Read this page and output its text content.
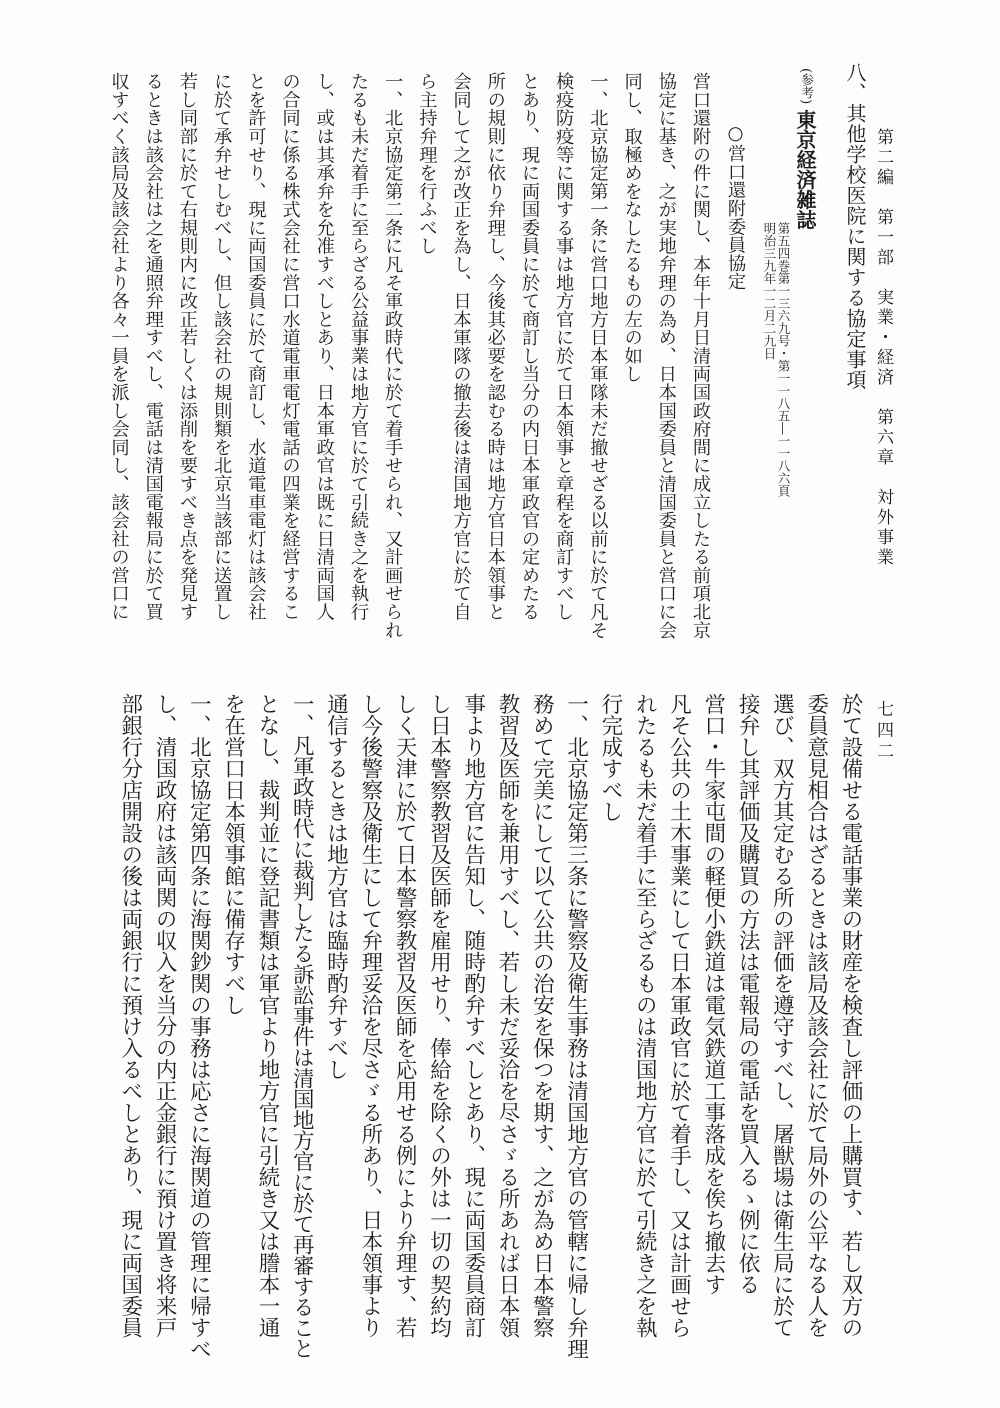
第二編第一部実業・経済第六章対外事業
八、其他学校医院に関する協定事項
(参考)東京経済雑誌
第五四巻第一三六九号・第一一八五―一一八六頁
明治三九年一二月二九日
○営口還附委員協定
営口還附の件に関し、本年十月日清両国政府間に成立したる前項北京
協定に基き、之が実地弁理の為め、日本国委員と清国委員と営口に会
同し、取極めをなしたるもの左の如し
一、北京協定第一条に営口地方日本軍隊未だ撤せざる以前に於て凡そ
検疫防疫等に関する事は地方官に於て日本領事と章程を商訂すべし
とあり、現に両国委員に於て商訂し当分の内日本軍政官の定めたる
所の規則に依り弁理し、今後其必要を認むる時は地方官日本領事と
会同して之が改正を為し、日本軍隊の撤去後は清国地方官に於て自
ら主持弁理を行ふべし
一、北京協定第二条に凡そ軍政時代に於て着手せられ、又計画せられ
たるも未だ着手に至らざる公益事業は地方官に於て引続き之を執行
し、或は其承弁を允准すべしとあり、日本軍政官は既に日清両国人
の合同に係る株式会社に営口水道電車電灯電話の四業を経営するこ
とを許可せり、現に両国委員に於て商訂し、水道電車電灯は該会社
に於て承弁せしむべし、但し該会社の規則類を北京当該部に送置し
若し同部に於て右規則内に改正若しくは添削を要すべき点を発見す
るときは該会社は之を通照弁理すべし、電話は清国電報局に於て買
収すべく該局及該会社より各々一員を派し会同し、該会社の営口に
七四二
於て設備せる電話事業の財産を検査し評価の上購買す、若し双方の
委員意見相合はざるときは該局及該会社に於て局外の公平なる人を
選び、双方其定むる所の評価を遵守すべし、屠獣場は衛生局に於て
接弁し其評価及購買の方法は電報局の電話を買入るゝ例に依る
営口・牛家屯間の軽便小鉄道は電気鉄道工事落成を俟ち撤去す
凡そ公共の土木事業にして日本軍政官に於て着手し、又は計画せら
れたるも未だ着手に至らざるものは清国地方官に於て引続き之を執
行完成すべし
一、北京協定第三条に警察及衛生事務は清国地方官の管轄に帰し弁理
務めて完美にして以て公共の治安を保つを期す、之が為め日本警察
教習及医師を兼用すべし、若し未だ妥洽を尽さゞる所あれば日本領
事より地方官に告知し、随時酌弁すべしとあり、現に両国委員商訂
し日本警察教習及医師を雇用せり、俸給を除くの外は一切の契約均
しく天津に於て日本警察教習及医師を応用せる例により弁理す、若
し今後警察及衛生にして弁理妥洽を尽さゞる所あり、日本領事より
通信するときは地方官は臨時酌弁すべし
一、凡軍政時代に裁判したる訴訟事件は清国地方官に於て再審すること
となし、裁判並に登記書類は軍官より地方官に引続き又は謄本一通
を在営口日本領事館に備存すべし
一、北京協定第四条に海関鈔関の事務は応さに海関道の管理に帰すべ
し、清国政府は該両関の収入を当分の内正金銀行に預け置き将来戸
部銀行分店開設の後は両銀行に預け入るべしとあり、現に両国委員
